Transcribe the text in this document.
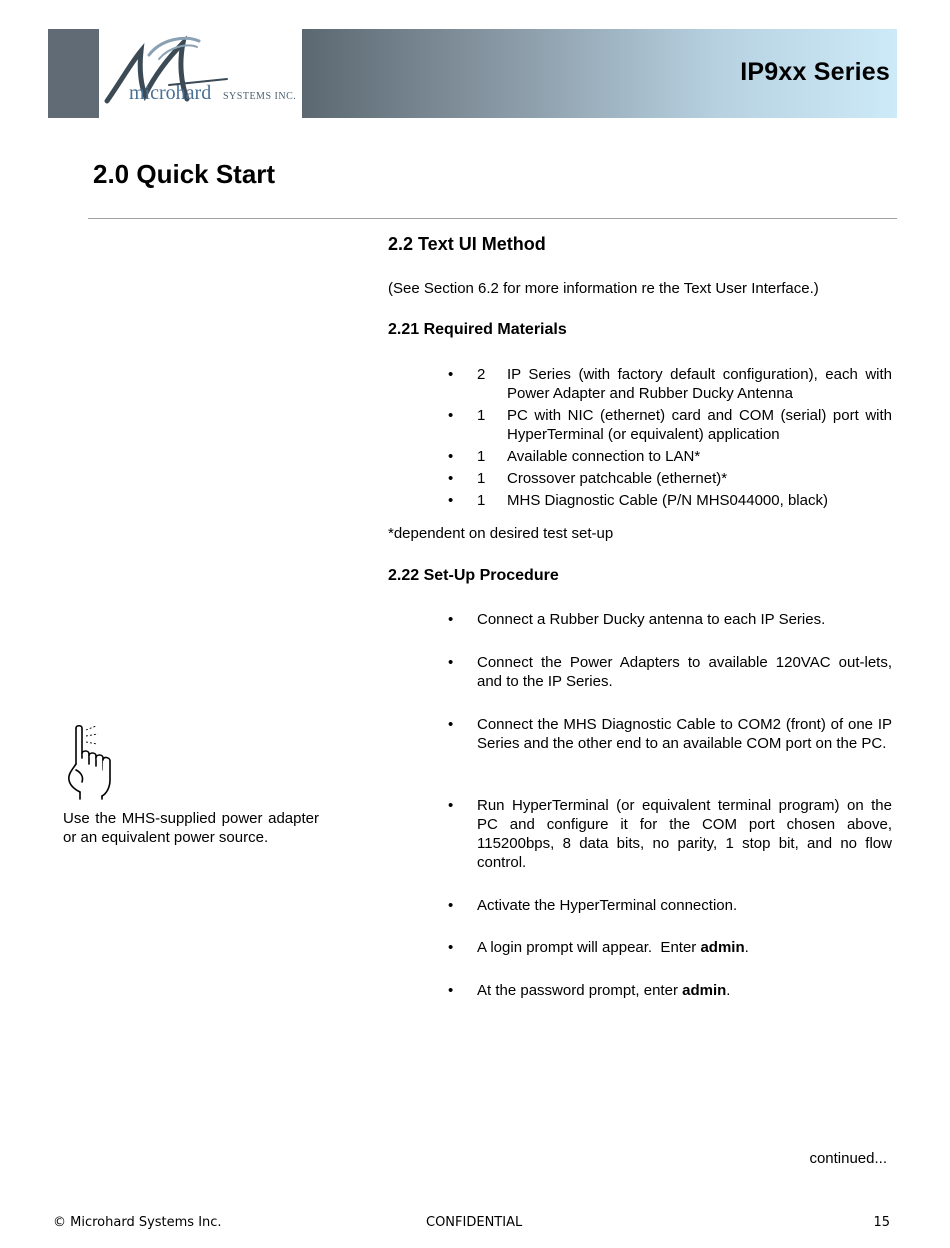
microhard SYSTEMS INC.
IP9xx Series
2.0 Quick Start
2.2 Text UI Method
(See Section 6.2 for more information re the Text User Interface.)
2.21 Required Materials
• 2 IP Series (with factory default configuration), each with Power Adapter and Rubber Ducky Antenna
• 1 PC with NIC (ethernet) card and COM (serial) port with HyperTerminal (or equivalent) application
• 1 Available connection to LAN*
• 1 Crossover patchcable (ethernet)*
• 1 MHS Diagnostic Cable (P/N MHS044000, black)
*dependent on desired test set-up
2.22 Set-Up Procedure
• Connect a Rubber Ducky antenna to each IP Series.
• Connect the Power Adapters to available 120VAC out-lets, and to the IP Series.
• Connect the MHS Diagnostic Cable to COM2 (front) of one IP Series and the other end to an available COM port on the PC.
• Run HyperTerminal (or equivalent terminal program) on the PC and configure it for the COM port chosen above, 115200bps, 8 data bits, no parity, 1 stop bit, and no flow control.
• Activate the HyperTerminal connection.
• A login prompt will appear.  Enter admin.
• At the password prompt, enter admin.
Use the MHS-supplied power adapter or an equivalent power source.
continued...
© Microhard Systems Inc.	CONFIDENTIAL	15
